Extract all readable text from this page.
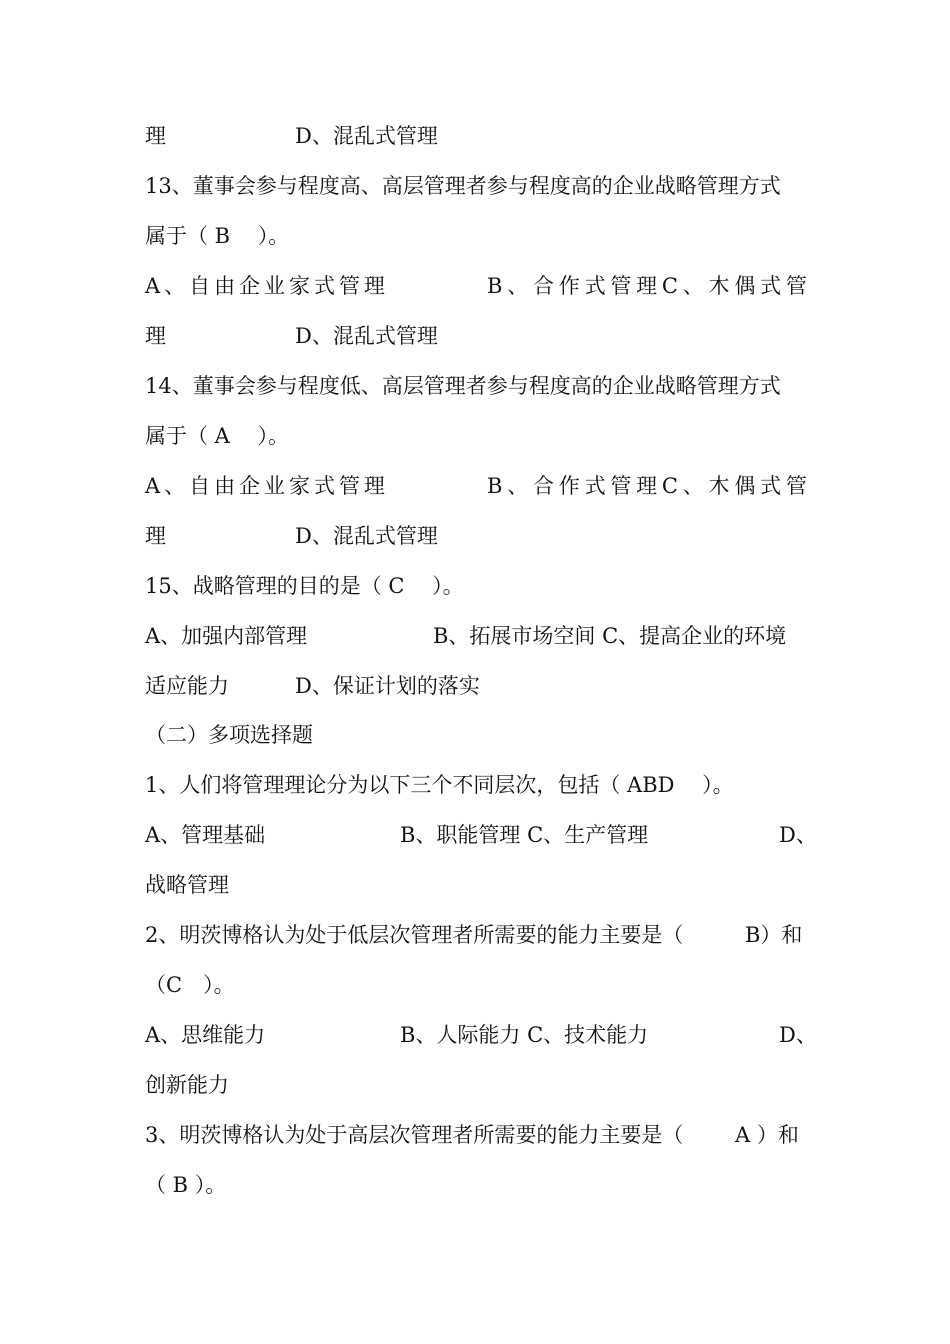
理	D、混乱式管理
13、董事会参与程度高、高层管理者参与程度高的企业战略管理方式
属于（ B　 ）。
A 、 自 由 企 业 家 式 管 理	B 、 合 作 式 管 理 C 、 木 偶 式 管
理	D、混乱式管理
14、董事会参与程度低、高层管理者参与程度高的企业战略管理方式
属于（ A　 ）。
A 、 自 由 企 业 家 式 管 理	B 、 合 作 式 管 理 C 、 木 偶 式 管
理	D、混乱式管理
15、战略管理的目的是（ C　 ）。
A、加强内部管理	B、拓展市场空间 C、提高企业的环境
适应能力	D、保证计划的落实
（二）多项选择题
1、人们将管理理论分为以下三个不同层次，包括（ ABD　 ）。
A、管理基础	B、职能管理 C、生产管理	D、
战略管理
2、明茨博格认为处于低层次管理者所需要的能力主要是（	B）和
（C　）。
A、思维能力	B、人际能力 C、技术能力	D、
创新能力
3、明茨博格认为处于高层次管理者所需要的能力主要是（ A ）和
（ B ）。
